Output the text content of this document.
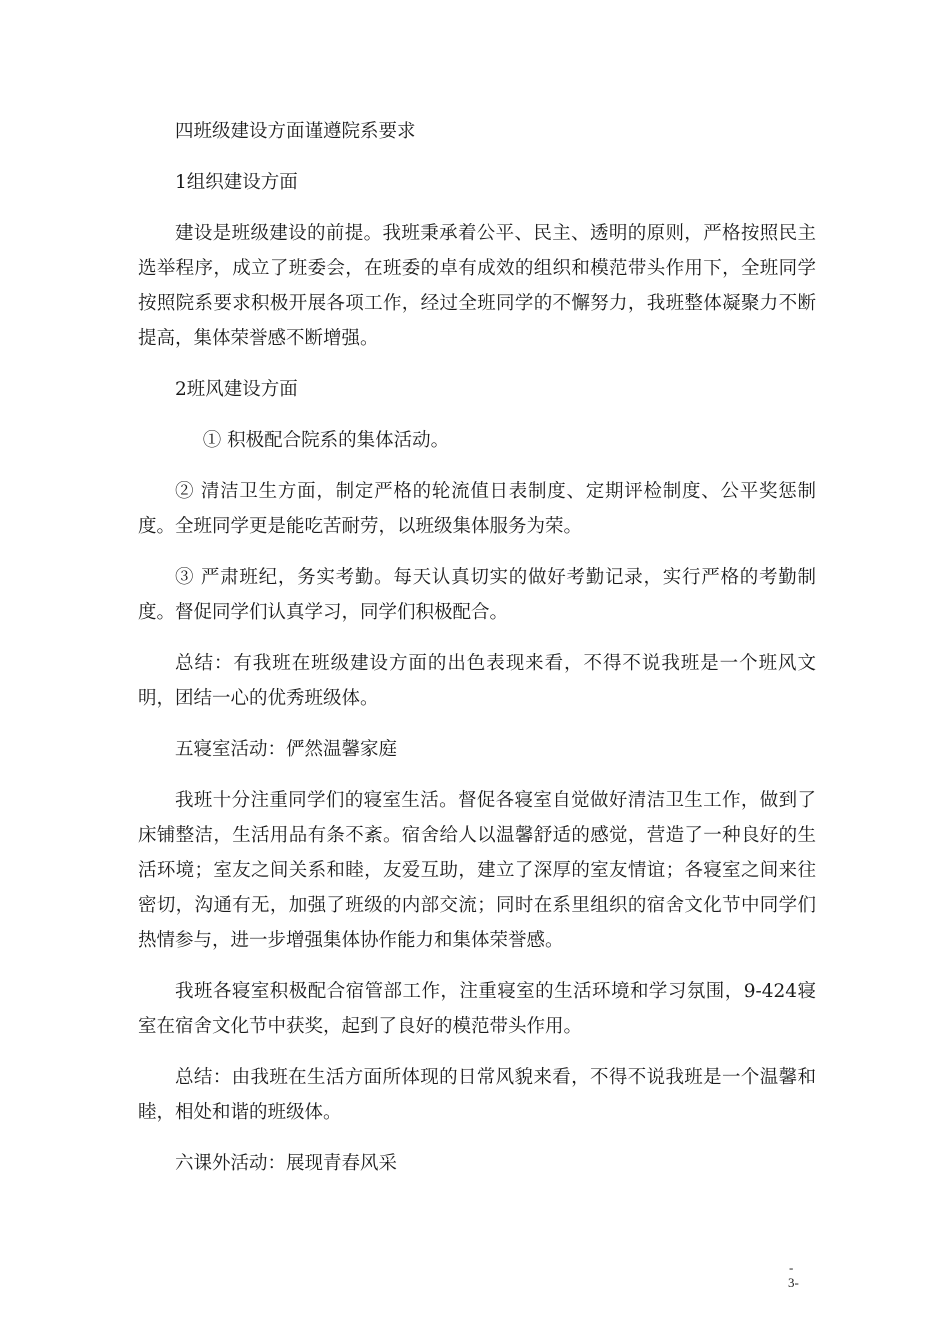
四班级建设方面谨遵院系要求

1组织建设方面

建设是班级建设的前提。我班秉承着公平、民主、透明的原则，严格按照民主选举程序，成立了班委会，在班委的卓有成效的组织和模范带头作用下，全班同学按照院系要求积极开展各项工作，经过全班同学的不懈努力，我班整体凝聚力不断提高，集体荣誉感不断增强。

2班风建设方面

① 积极配合院系的集体活动。

② 清洁卫生方面，制定严格的轮流值日表制度、定期评检制度、公平奖惩制度。全班同学更是能吃苦耐劳，以班级集体服务为荣。

③ 严肃班纪，务实考勤。每天认真切实的做好考勤记录，实行严格的考勤制度。督促同学们认真学习，同学们积极配合。

总结：有我班在班级建设方面的出色表现来看，不得不说我班是一个班风文明，团结一心的优秀班级体。

五寝室活动：俨然温馨家庭

我班十分注重同学们的寝室生活。督促各寝室自觉做好清洁卫生工作，做到了床铺整洁，生活用品有条不紊。宿舍给人以温馨舒适的感觉，营造了一种良好的生活环境；室友之间关系和睦，友爱互助，建立了深厚的室友情谊；各寝室之间来往密切，沟通有无，加强了班级的内部交流；同时在系里组织的宿舍文化节中同学们热情参与，进一步增强集体协作能力和集体荣誉感。

我班各寝室积极配合宿管部工作，注重寝室的生活环境和学习氛围，9-424寝室在宿舍文化节中获奖，起到了良好的模范带头作用。

总结：由我班在生活方面所体现的日常风貌来看，不得不说我班是一个温馨和睦，相处和谐的班级体。

六课外活动：展现青春风采

-
3-
